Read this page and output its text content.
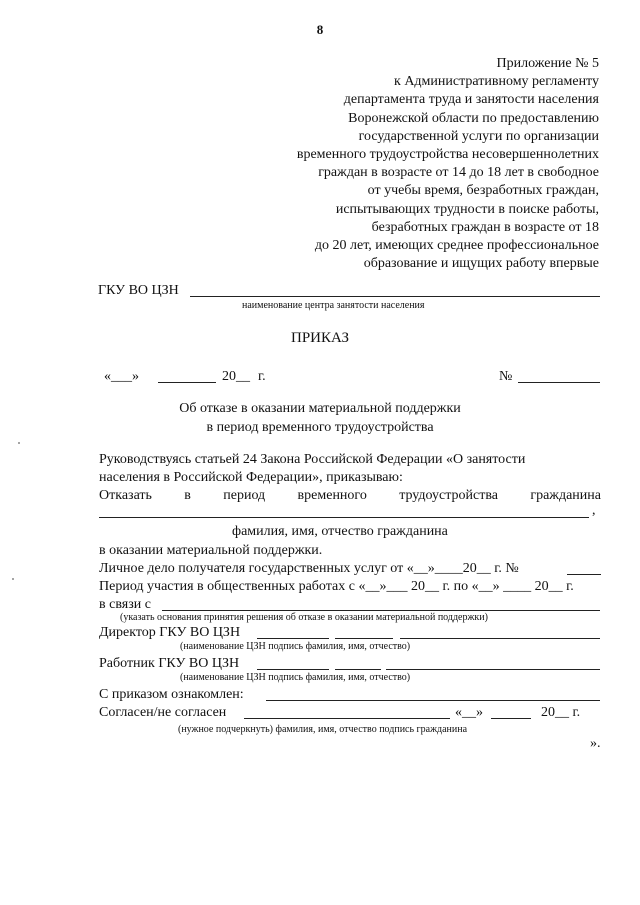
8
Приложение № 5
к Административному регламенту
департамента труда и занятости населения
Воронежской области по предоставлению
государственной услуги по организации
временного трудоустройства несовершеннолетних
граждан в возрасте от 14 до 18 лет в свободное
от учебы время, безработных граждан,
испытывающих трудности в поиске работы,
безработных граждан в возрасте от 18
до 20 лет, имеющих среднее профессиональное
образование и ищущих работу впервые
ГКУ ВО ЦЗН
наименование центра занятости населения
ПРИКАЗ
«___»	20__ г.	№
Об отказе в оказании материальной поддержки
в период временного трудоустройства
Руководствуясь статьей 24 Закона Российской Федерации «О занятости
населения в Российской Федерации», приказываю:
Отказать в период временного трудоустройства гражданина
,
фамилия, имя, отчество гражданина
в оказании материальной поддержки.
Личное дело получателя государственных услуг от «__»____20__ г. №
Период участия в общественных работах с «__»___ 20__ г. по «__» ____ 20__ г.
в связи с
(указать основания принятия решения об отказе в оказании материальной поддержки)
Директор ГКУ ВО ЦЗН
(наименование ЦЗН подпись фамилия, имя, отчество)
Работник ГКУ ВО ЦЗН
(наименование ЦЗН подпись фамилия, имя, отчество)
С приказом ознакомлен:
Согласен/не согласен	«__»	20__ г.
(нужное подчеркнуть) фамилия, имя, отчество подпись гражданина
».
